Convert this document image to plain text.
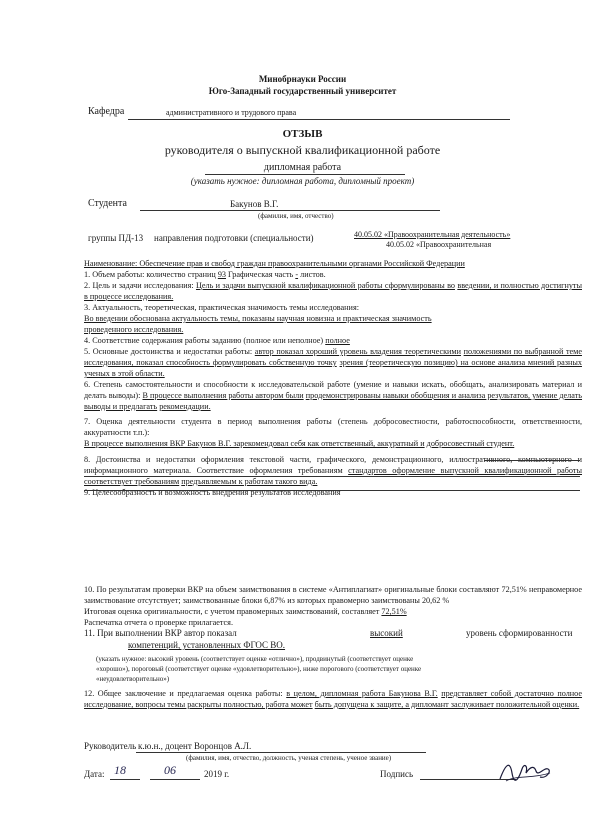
Минобрнауки России
Юго-Западный государственный университет
Кафедра	административного и трудового права
ОТЗЫВ
руководителя о выпускной квалификационной работе
дипломная работа
(указать нужное: дипломная работа, дипломный проект)
Студента	Бакунов В.Г.
(фамилия, имя, отчество)
группы ПД-13 направления подготовки (специальности)	40.05.02 «Правоохранительная деятельность»
40.05.02 «Правоохранительная

Наименование: Обеспечение прав и свобод граждан правоохранительными органами Российской Федерации

1. Объем работы: количество страниц 93 Графическая часть - листов.

2. Цель и задачи исследования: Цель и задачи выпускной квалификационной работы сформулированы во введении, и полностью достигнуты в процессе исследования.

3. Актуальность, теоретическая, практическая значимость темы исследования:
Во введении обоснована актуальность темы, показаны научная новизна и практическая значимость
проведенного исследования.

4. Соответствие содержания работы заданию (полное или неполное) полное

5. Основные достоинства и недостатки работы: автор показал хороший уровень владения теоретическими положениями по выбранной теме исследования, показал способность формулировать собственную точку зрения (теоретическую позицию) на основе анализа мнений разных ученых в этой области.

6. Степень самостоятельности и способности к исследовательской работе (умение и навыки искать, обобщать, анализировать материал и делать выводы): В процессе выполнения работы автором были продемонстрированы навыки обобщения и анализа результатов, умение делать выводы и предлагать рекомендации.

7. Оценка деятельности студента в период выполнения работы (степень добросовестности, работоспособности, ответственности, аккуратности т.п.):
В процессе выполнения ВКР Бакунов В.Г. зарекомендовал себя как ответственный, аккуратный и добросовестный студент.

8. Достоинства и недостатки оформления текстовой части, графического, демонстрационного, иллюстративного, компьютерного и информационного материала. Соответствие оформления требованиям стандартов оформление выпускной квалификационной работы соответствует требованиям предъявляемым к работам такого вида.

9. Целесообразность и возможность внедрения результатов исследования

10. По результатам проверки ВКР на объем заимствования в системе «Антиплагиат» оригинальные блоки составляют 72,51% неправомерное заимствование отсутствует; заимствованные блоки 6,87% из которых правомерно заимствованы 20,62 %

Итоговая оценка оригинальности, с учетом правомерных заимствований, составляет 72,51%

Распечатка отчета о проверке прилагается.

11. При выполнении ВКР автор показал	высокий	уровень сформированности
компетенций, установленных ФГОС ВО.
(указать нужное: высокий уровень (соответствует оценке «отлично»), продвинутый (соответствует оценке
«хорошо»), пороговый (соответствует оценке «удовлетворительно»), ниже порогового (соответствует оценке
«неудовлетворительно»)

12. Общее заключение и предлагаемая оценка работы: в целом, дипломная работа Бакунова В.Г. представляет собой достаточно полное исследование, вопросы темы раскрыты полностью, работа может быть допущена к защите, а дипломант заслуживает положительной оценки.

Руководитель к.ю.н., доцент Воронцов А.Л.
(фамилия, имя, отчество, должность, ученая степень, ученое звание)
Дата: 18	06	2019 г.	Подпись
